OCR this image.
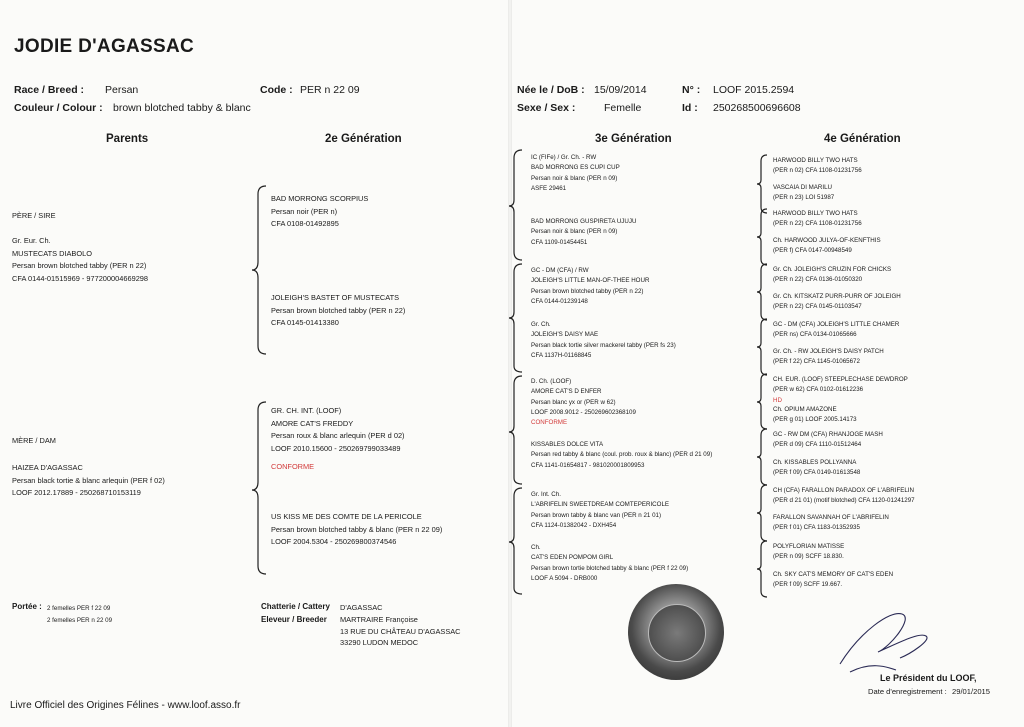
JODIE D'AGASSAC
Race / Breed : Persan	Code : PER n 22 09
Couleur / Colour : brown blotched tabby & blanc
Née le / DoB : 15/09/2014	N° : LOOF 2015.2594
Sexe / Sex :	Femelle	Id : 250268500696608
Parents	2e Génération	3e Génération	4e Génération
PÈRE / SIRE
Gr. Eur. Ch.
MUSTECATS DIABOLO
Persan brown blotched tabby (PER n 22)
CFA 0144-01515969 - 977200004669298
MÈRE / DAM
HAIZEA D'AGASSAC
Persan black tortie & blanc arlequin (PER f 02)
LOOF 2012.17889 - 250268710153119
BAD MORRONG SCORPIUS
Persan noir (PER n)
CFA 0108-01492895
JOLEIGH'S BASTET OF MUSTECATS
Persan brown blotched tabby (PER n 22)
CFA 0145-01413380
GR. CH. INT. (LOOF)
AMORE CAT'S FREDDY
Persan roux & blanc arlequin (PER d 02)
LOOF 2010.15600 - 250269799033489
CONFORME
US KISS ME DES COMTE DE LA PERICOLE
Persan brown blotched tabby & blanc (PER n 22 09)
LOOF 2004.5304 - 250269800374546
IC (FIFe) / Gr. Ch. - RW
BAD MORRONG ES CUPI CUP
Persan noir & blanc (PER n 09)
ASFE 29461
BAD MORRONG GUSPIRETA UJUJU
Persan noir & blanc (PER n 09)
CFA 1109-01454451
GC - DM (CFA) / RW
JOLEIGH'S LITTLE MAN-OF-THEE HOUR
Persan brown blotched tabby (PER n 22)
CFA 0144-01239148
Gr. Ch.
JOLEIGH'S DAISY MAE
Persan black tortie silver mackerel tabby (PER fs 23)
CFA 1137H-01168845
D. Ch. (LOOF)
AMORE CAT'S D ENFER
Persan blanc yx or (PER w 62)
LOOF 2008.9012 - 250269602368109
CONFORME
KISSABLES DOLCE VITA
Persan red tabby & blanc (coul. prob. roux & blanc) (PER d 21 09)
CFA 1141-01654817 - 981020001809953
Gr. Int. Ch.
L'ABRIFELIN SWEETDREAM COMTEPERICOLE
Persan brown tabby & blanc van (PER n 21 01)
CFA 1124-01382042 - DXH454
Ch.
CAT'S EDEN POMPOM GIRL
Persan brown tortie blotched tabby & blanc (PER f 22 09)
LOOF A 5094 - DRB000
HARWOOD BILLY TWO HATS
(PER n 02) CFA 1108-01231756
VASCAIA DI MARILU
(PER n 23) LOI 51987
HARWOOD BILLY TWO HATS
(PER n 22) CFA 1108-01231756
Ch. HARWOOD JULYA-OF-KENFTHIS
(PER f) CFA 0147-00948549
Gr. Ch. JOLEIGH'S CRUZIN FOR CHICKS
(PER n 22) CFA 0136-01050320
Gr. Ch. KITSKATZ PURR-PURR OF JOLEIGH
(PER n 22) CFA 0145-01103547
GC - DM (CFA) JOLEIGH'S LITTLE CHAMER
(PER ns) CFA 0134-01065666
Gr. Ch. - RW JOLEIGH'S DAISY PATCH
(PER f 22) CFA 1145-01065672
CH. EUR. (LOOF) STEEPLECHASE DEWDROP
(PER w 62) CFA 0102-01612236
HD
Ch. OPIUM AMAZONE
(PER g 01) LOOF 2005.14173
GC - RW DM (CFA) RHANJOGE MASH
(PER d 09) CFA 1110-01512464
Ch. KISSABLES POLLYANNA
(PER f 09) CFA 0149-01613548
CH (CFA) FARALLON PARADOX OF L'ABRIFELIN
(PER d 21 01) (motif blotched) CFA 1120-01241297
FARALLON SAVANNAH OF L'ABRIFELIN
(PER f 01) CFA 1183-01352935
POLYFLORIAN MATISSE
(PER n 09) SCFF 18.830.
Ch. SKY CAT'S MEMORY OF CAT'S EDEN
(PER f 09) SCFF 19.667.
Portée : 2 femelles PER f 22 09
2 femelles PER n 22 09
Chatterie / Cattery D'AGASSAC
Eleveur / Breeder MARTRAIRE Françoise
13 RUE DU CHÂTEAU D'AGASSAC
33290 LUDON MEDOC
Le Président du LOOF,
Date d'enregistrement : 29/01/2015
Livre Officiel des Origines Félines - www.loof.asso.fr
